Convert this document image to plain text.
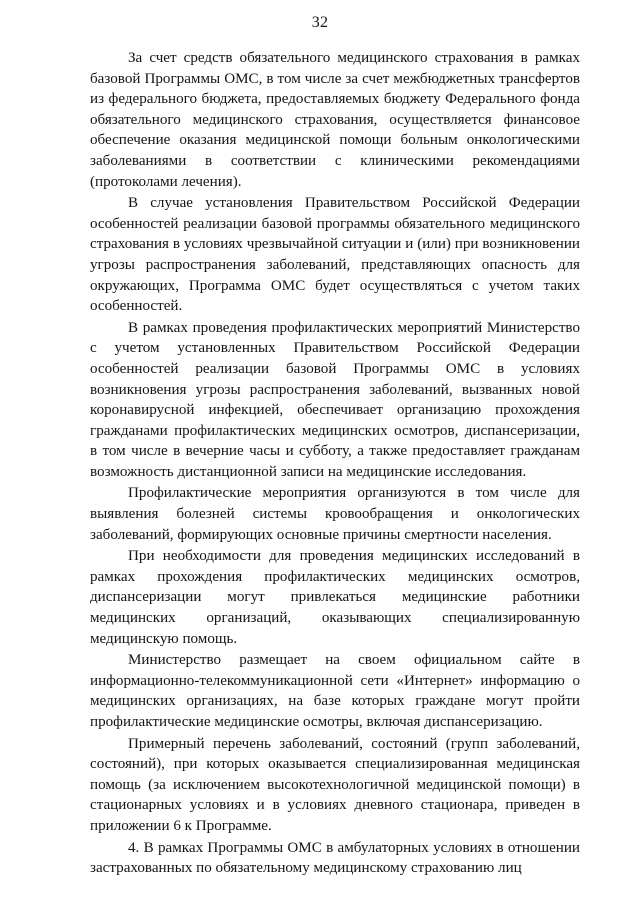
32

За счет средств обязательного медицинского страхования в рамках базовой Программы ОМС, в том числе за счет межбюджетных трансфертов из федерального бюджета, предоставляемых бюджету Федерального фонда обязательного медицинского страхования, осуществляется финансовое обеспечение оказания медицинской помощи больным онкологическими заболеваниями в соответствии с клиническими рекомендациями (протоколами лечения).

В случае установления Правительством Российской Федерации особенностей реализации базовой программы обязательного медицинского страхования в условиях чрезвычайной ситуации и (или) при возникновении угрозы распространения заболеваний, представляющих опасность для окружающих, Программа ОМС будет осуществляться с учетом таких особенностей.

В рамках проведения профилактических мероприятий Министерство с учетом установленных Правительством Российской Федерации особенностей реализации базовой Программы ОМС в условиях возникновения угрозы распространения заболеваний, вызванных новой коронавирусной инфекцией, обеспечивает организацию прохождения гражданами профилактических медицинских осмотров, диспансеризации, в том числе в вечерние часы и субботу, а также предоставляет гражданам возможность дистанционной записи на медицинские исследования.

Профилактические мероприятия организуются в том числе для выявления болезней системы кровообращения и онкологических заболеваний, формирующих основные причины смертности населения.

При необходимости для проведения медицинских исследований в рамках прохождения профилактических медицинских осмотров, диспансеризации могут привлекаться медицинские работники медицинских организаций, оказывающих специализированную медицинскую помощь.

Министерство размещает на своем официальном сайте в информационно-телекоммуникационной сети «Интернет» информацию о медицинских организациях, на базе которых граждане могут пройти профилактические медицинские осмотры, включая диспансеризацию.

Примерный перечень заболеваний, состояний (групп заболеваний, состояний), при которых оказывается специализированная медицинская помощь (за исключением высокотехнологичной медицинской помощи) в стационарных условиях и в условиях дневного стационара, приведен в приложении 6 к Программе.

4. В рамках Программы ОМС в амбулаторных условиях в отношении застрахованных по обязательному медицинскому страхованию лиц
